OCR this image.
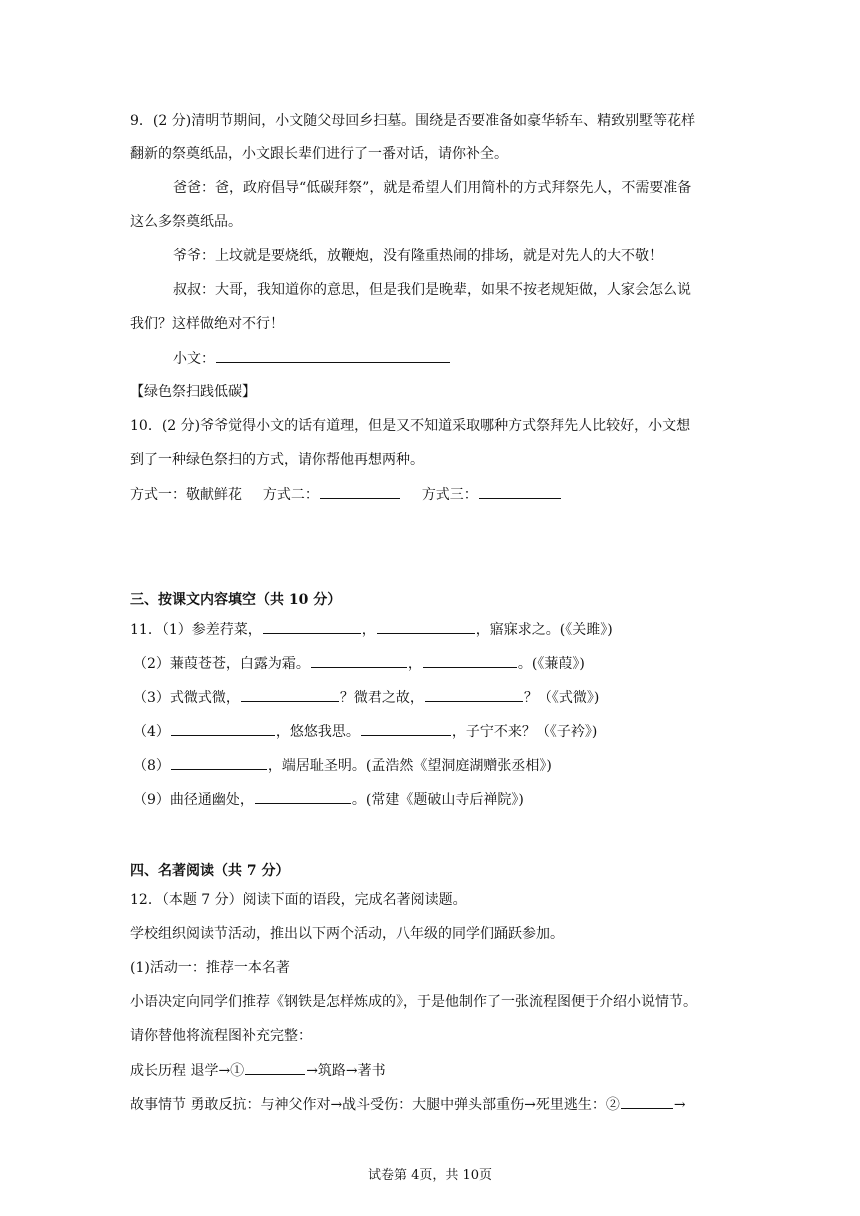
9．(2 分)清明节期间，小文随父母回乡扫墓。围绕是否要准备如豪华轿车、精致别墅等花样
翻新的祭奠纸品，小文跟长辈们进行了一番对话，请你补全。
爸爸：爸，政府倡导“低碳拜祭”，就是希望人们用简朴的方式拜祭先人，不需要准备
这么多祭奠纸品。
爷爷：上坟就是要烧纸，放鞭炮，没有隆重热闹的排场，就是对先人的大不敬！
叔叔：大哥，我知道你的意思，但是我们是晚辈，如果不按老规矩做，人家会怎么说
我们？这样做绝对不行！
小文：
【绿色祭扫践低碳】
10．(2 分)爷爷觉得小文的话有道理，但是又不知道采取哪种方式祭拜先人比较好，小文想
到了一种绿色祭扫的方式，请你帮他再想两种。
方式一：敬献鲜花 方式二：	方式三：
三、按课文内容填空（共 10 分）
11．（1）参差荇菜，	，	，寤寐求之。(《关雎》)
（2）蒹葭苍苍，白露为霜。	，	。(《蒹葭》)
（3）式微式微，	？微君之故，	？（《式微》)
（4）	，悠悠我思。	，子宁不来？（《子衿》)
（8）	，端居耻圣明。(孟浩然《望洞庭湖赠张丞相》)
（9）曲径通幽处，	。(常建《题破山寺后禅院》)
四、名著阅读（共 7 分）
12．（本题 7 分）阅读下面的语段，完成名著阅读题。
学校组织阅读节活动，推出以下两个活动，八年级的同学们踊跃参加。
(1)活动一：推荐一本名著
小语决定向同学们推荐《钢铁是怎样炼成的》，于是他制作了一张流程图便于介绍小说情节。
请你替他将流程图补充完整：
成长历程 退学→①	→筑路→著书
故事情节 勇敢反抗：与神父作对→战斗受伤：大腿中弹头部重伤→死里逃生：②	→
试卷第 4页，共 10页
